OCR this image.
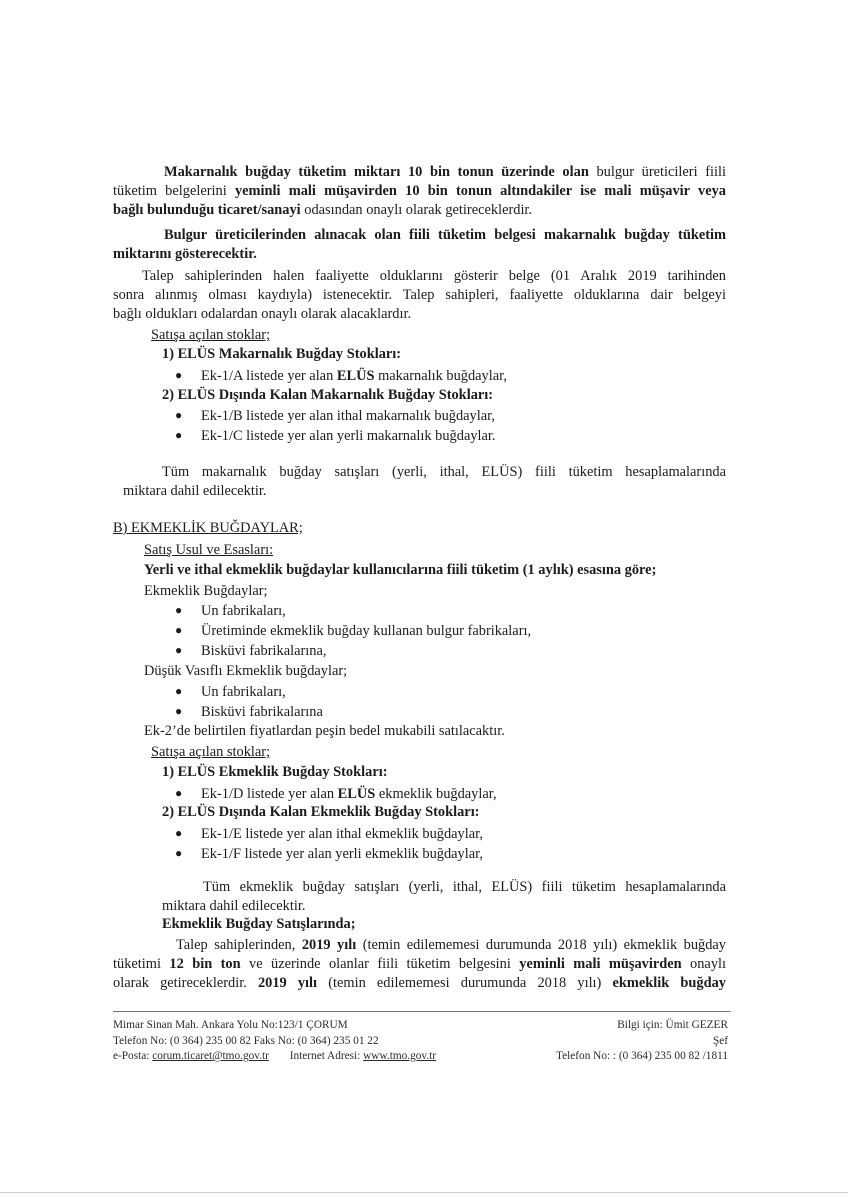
Makarnalık buğday tüketim miktarı 10 bin tonun üzerinde olan bulgur üreticileri fiili
tüketim belgelerini yeminli mali müşavirden 10 bin tonun altındakiler ise mali müşavir veya
bağlı bulunduğu ticaret/sanayi odasından onaylı olarak getireceklerdir.
Bulgur üreticilerinden alınacak olan fiili tüketim belgesi makarnalık buğday tüketim
miktarını gösterecektir.
Talep sahiplerinden halen faaliyette olduklarını gösterir belge (01 Aralık 2019 tarihinden
sonra alınmış olması kaydıyla) istenecektir. Talep sahipleri, faaliyette olduklarına dair belgeyi
bağlı oldukları odalardan onaylı olarak alacaklardır.
Satışa açılan stoklar;
1) ELÜS Makarnalık Buğday Stokları:
● Ek-1/A listede yer alan ELÜS makarnalık buğdaylar,
2) ELÜS Dışında Kalan Makarnalık Buğday Stokları:
● Ek-1/B listede yer alan ithal makarnalık buğdaylar,
● Ek-1/C listede yer alan yerli makarnalık buğdaylar.
Tüm makarnalık buğday satışları (yerli, ithal, ELÜS) fiili tüketim hesaplamalarında
miktara dahil edilecektir.
B) EKMEKLİK BUĞDAYLAR;
Satış Usul ve Esasları:
Yerli ve ithal ekmeklik buğdaylar kullanıcılarına fiili tüketim (1 aylık) esasına göre;
Ekmeklik Buğdaylar;
● Un fabrikaları,
● Üretiminde ekmeklik buğday kullanan bulgur fabrikaları,
● Bisküvi fabrikalarına,
Düşük Vasıflı Ekmeklik buğdaylar;
● Un fabrikaları,
● Bisküvi fabrikalarına
Ek-2’de belirtilen fiyatlardan peşin bedel mukabili satılacaktır.
Satışa açılan stoklar;
1) ELÜS Ekmeklik Buğday Stokları:
● Ek-1/D listede yer alan ELÜS ekmeklik buğdaylar,
2) ELÜS Dışında Kalan Ekmeklik Buğday Stokları:
● Ek-1/E listede yer alan ithal ekmeklik buğdaylar,
● Ek-1/F listede yer alan yerli ekmeklik buğdaylar,
Tüm ekmeklik buğday satışları (yerli, ithal, ELÜS) fiili tüketim hesaplamalarında
miktara dahil edilecektir.
Ekmeklik Buğday Satışlarında;
Talep sahiplerinden, 2019 yılı (temin edilememesi durumunda 2018 yılı) ekmeklik buğday
tüketimi 12 bin ton ve üzerinde olanlar fiili tüketim belgesini yeminli mali müşavirden onaylı
olarak getireceklerdir. 2019 yılı (temin edilememesi durumunda 2018 yılı) ekmeklik buğday
Mimar Sinan Mah. Ankara Yolu No:123/1 ÇORUM
Telefon No: (0 364) 235 00 82 Faks No: (0 364) 235 01 22
e-Posta: corum.ticaret@tmo.gov.tr Internet Adresi: www.tmo.gov.tr
Bilgi için: Ümit GEZER
Şef
Telefon No: : (0 364) 235 00 82 /1811
